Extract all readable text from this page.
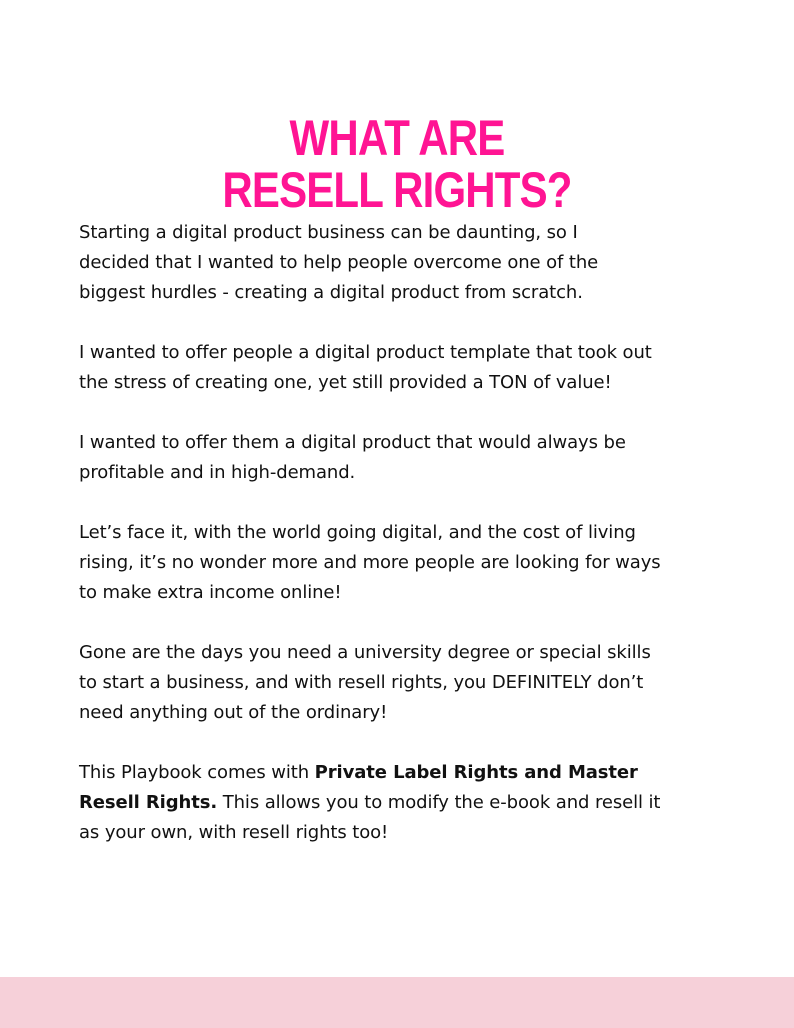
WHAT ARE
RESELL RIGHTS?

Starting a digital product business can be daunting, so I
decided that I wanted to help people overcome one of the
biggest hurdles - creating a digital product from scratch.

I wanted to offer people a digital product template that took out
the stress of creating one, yet still provided a TON of value!

I wanted to offer them a digital product that would always be
profitable and in high-demand.

Let’s face it, with the world going digital, and the cost of living
rising, it’s no wonder more and more people are looking for ways
to make extra income online!

Gone are the days you need a university degree or special skills
to start a business, and with resell rights, you DEFINITELY don’t
need anything out of the ordinary!

This Playbook comes with Private Label Rights and Master
Resell Rights. This allows you to modify the e-book and resell it
as your own, with resell rights too!
